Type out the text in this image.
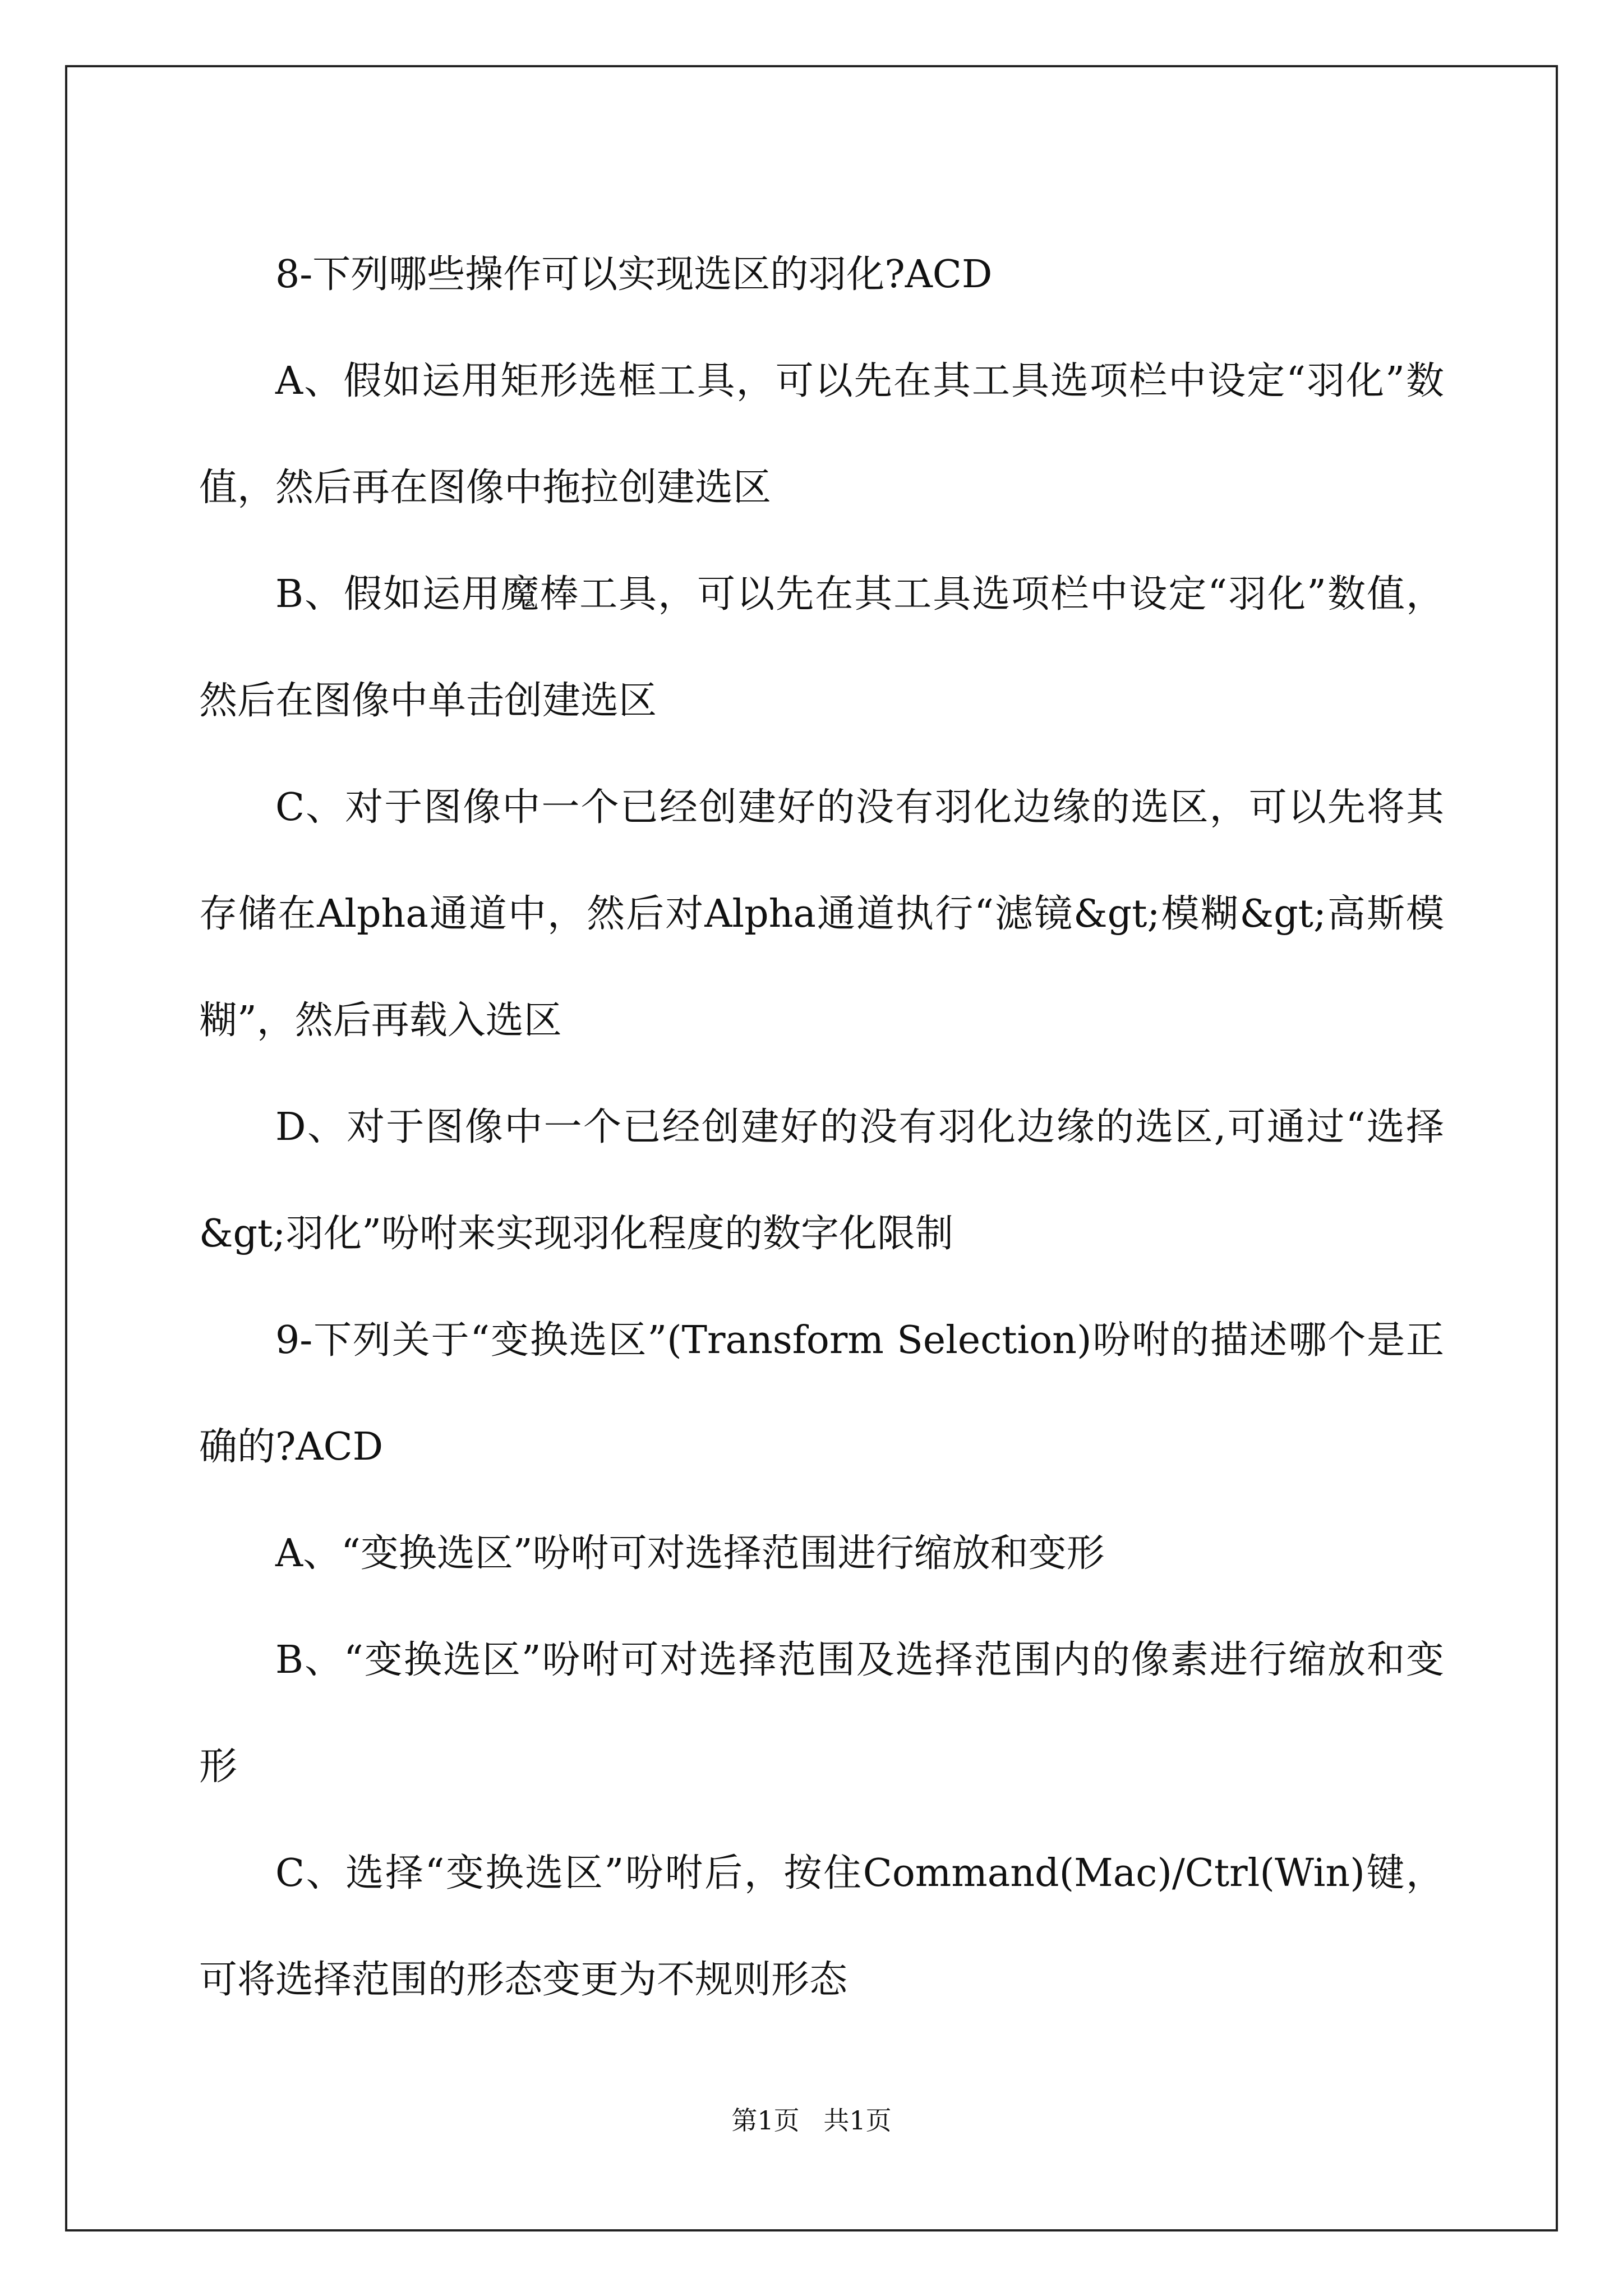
8-下列哪些操作可以实现选区的羽化?ACD

A、假如运用矩形选框工具，可以先在其工具选项栏中设定“羽化”数值，然后再在图像中拖拉创建选区

B、假如运用魔棒工具，可以先在其工具选项栏中设定“羽化”数值，然后在图像中单击创建选区

C、对于图像中一个已经创建好的没有羽化边缘的选区，可以先将其存储在Alpha通道中，然后对Alpha通道执行“滤镜&gt;模糊&gt;高斯模糊”，然后再载入选区

D、对于图像中一个已经创建好的没有羽化边缘的选区,可通过“选择&gt;羽化”吩咐来实现羽化程度的数字化限制

9-下列关于“变换选区”(Transform Selection)吩咐的描述哪个是正确的?ACD

A、“变换选区”吩咐可对选择范围进行缩放和变形

B、“变换选区”吩咐可对选择范围及选择范围内的像素进行缩放和变形

C、选择“变换选区”吩咐后，按住Command(Mac)/Ctrl(Win)键，可将选择范围的形态变更为不规则形态

第1页 共1页
